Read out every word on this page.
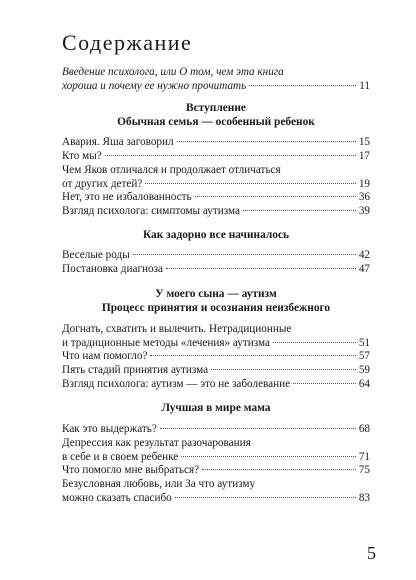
Содержание
Введение психолога, или О том, чем эта книга
хороша и почему ее нужно прочитать	11
Вступление
Обычная семья — особенный ребенок
Авария. Яша заговорил	15
Кто мы?	17
Чем Яков отличался и продолжает отличаться
от других детей?	19
Нет, это не избалованность	36
Взгляд психолога: симптомы аутизма	39
Как задорно все начиналось
Веселые роды	42
Постановка диагноза	47
У моего сына — аутизм
Процесс принятия и осознания неизбежного
Догнать, схватить и вылечить. Нетрадиционные
и традиционные методы «лечения» аутизма	51
Что нам помогло?	57
Пять стадий принятия аутизма	59
Взгляд психолога: аутизм — это не заболевание	64
Лучшая в мире мама
Как это выдержать?	68
Депрессия как результат разочарования
в себе и в своем ребенке	71
Что помогло мне выбраться?	75
Безусловная любовь, или За что аутизму
можно сказать спасибо	83
5
